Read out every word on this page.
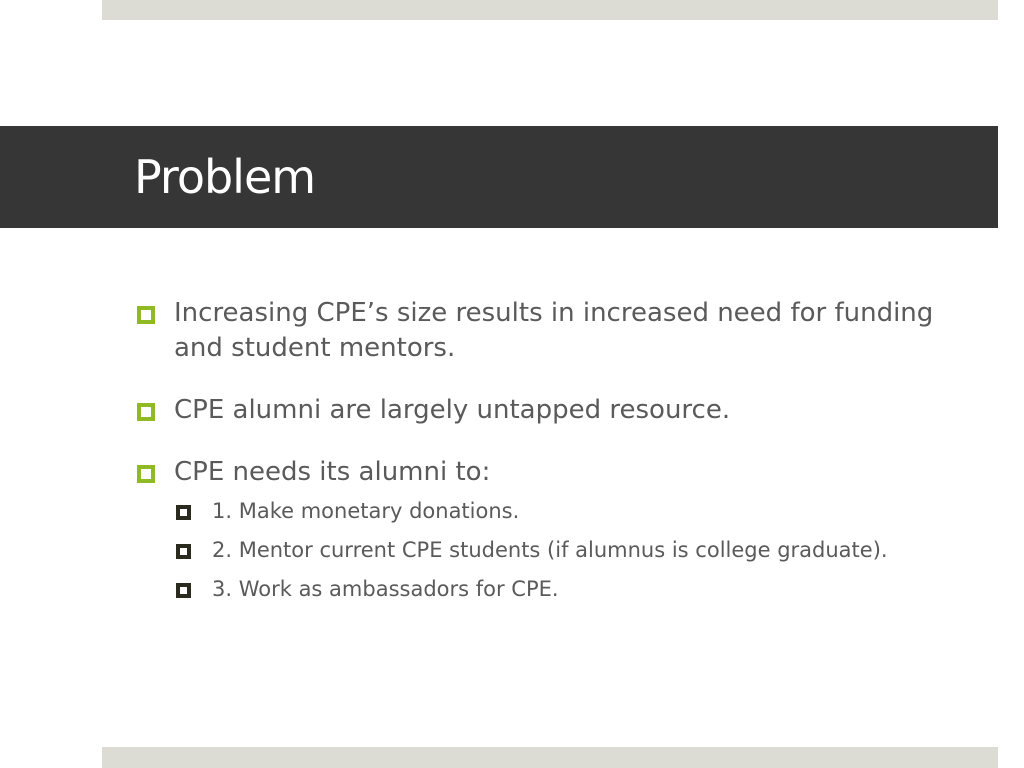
Problem
Increasing CPE’s size results in increased need for funding and student mentors.
CPE alumni are largely untapped resource.
CPE needs its alumni to:
1. Make monetary donations.
2. Mentor current CPE students (if alumnus is college graduate).
3. Work as ambassadors for CPE.
